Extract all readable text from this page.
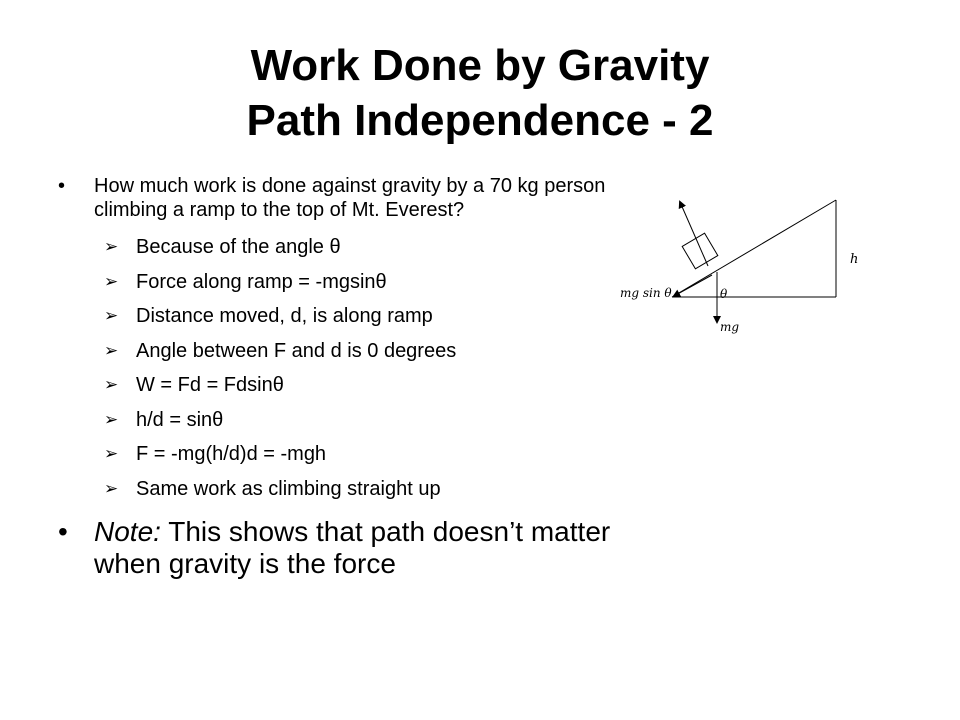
Work Done by Gravity
Path Independence - 2
• How much work is done against gravity by a 70 kg person climbing a ramp to the top of Mt. Everest?
➢ Because of the angle θ
➢ Force along ramp = -mgsinθ
➢ Distance moved, d, is along ramp
➢ Angle between F and d is 0 degrees
➢ W = Fd = Fdsinθ
➢ h/d = sinθ
➢ F = -mg(h/d)d = -mgh
➢ Same work as climbing straight up
• Note: This shows that path doesn’t matter when gravity is the force
h
mg sin θ	θ
mg
